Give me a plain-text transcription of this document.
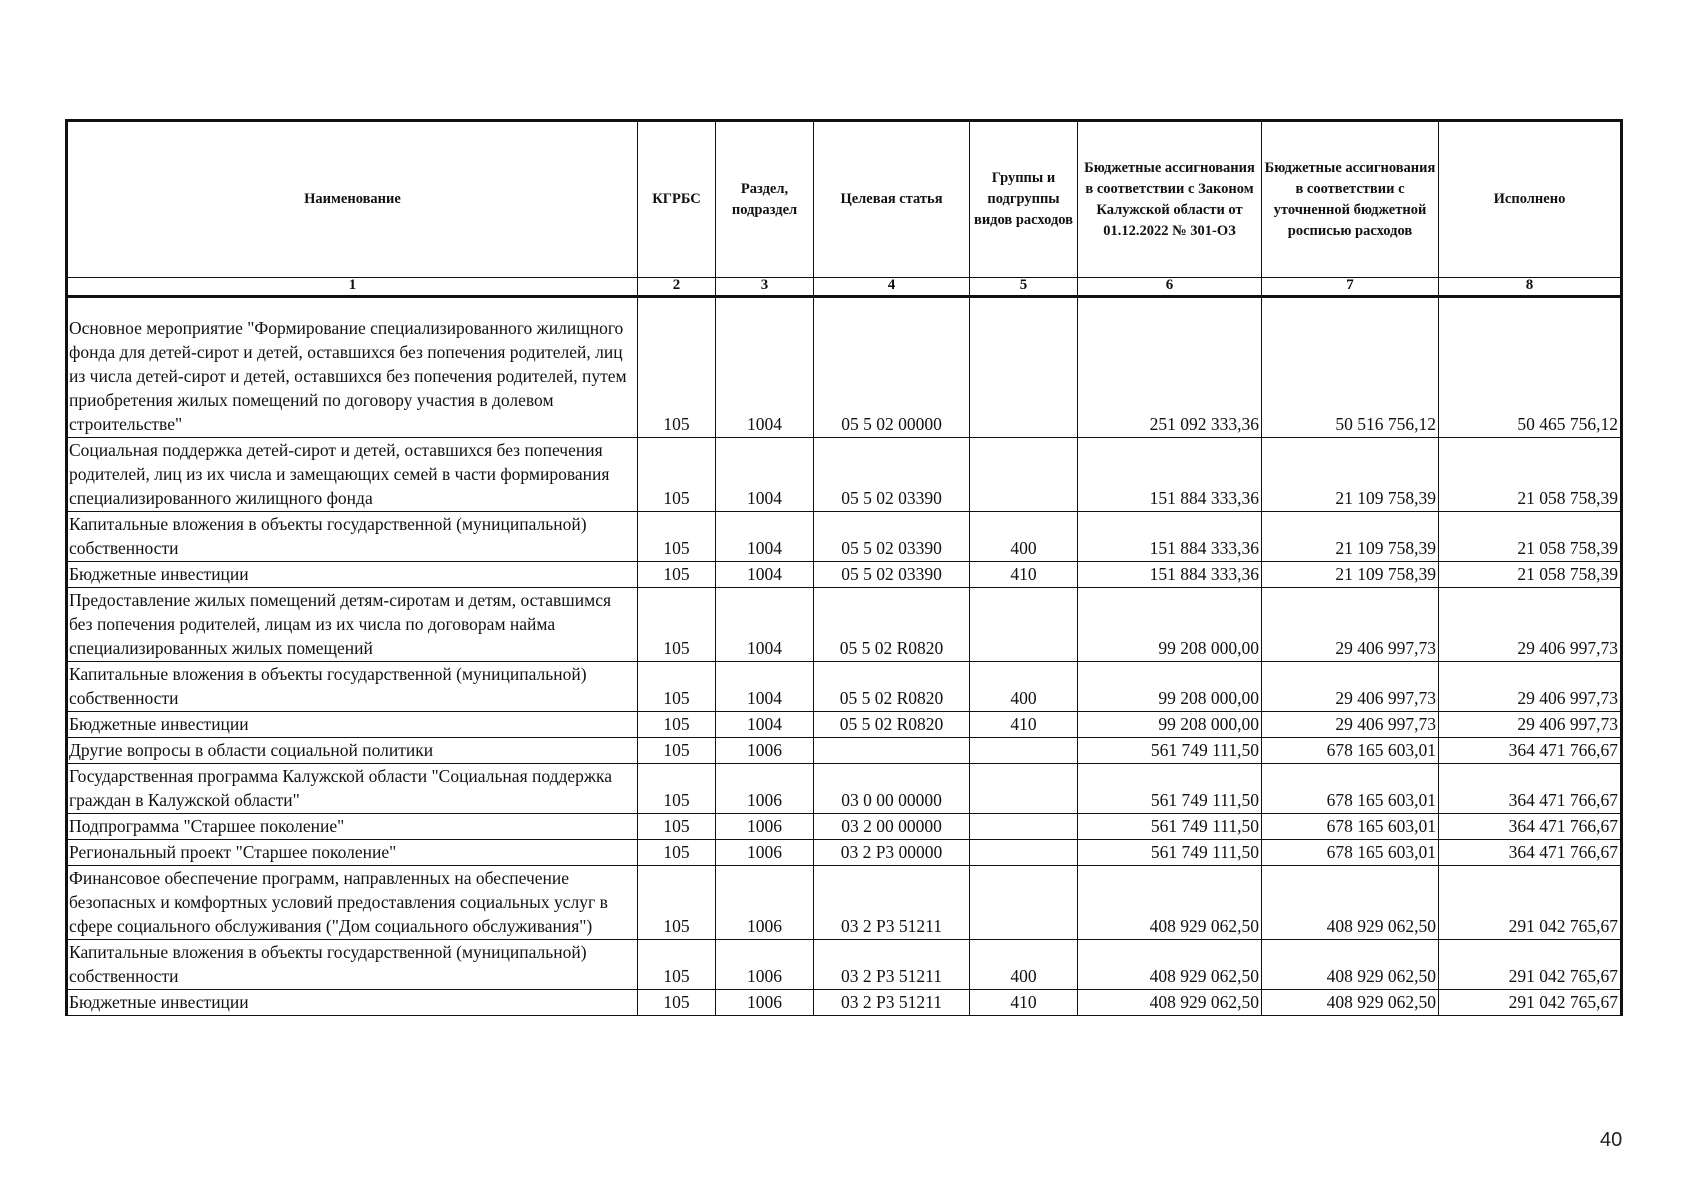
Наименование	КГРБС	Раздел, подраздел	Целевая статья	Группы и подгруппы видов расходов	Бюджетные ассигнования в соответствии с Законом Калужской области от 01.12.2022 № 301-ОЗ	Бюджетные ассигнования в соответствии с уточненной бюджетной росписью расходов	Исполнено
1	2	3	4	5	6	7	8
Основное мероприятие "Формирование специализированного жилищного фонда для детей-сирот и детей, оставшихся без попечения родителей, лиц из числа детей-сирот и детей, оставшихся без попечения родителей, путем приобретения жилых помещений по договору участия в долевом строительстве"	105	1004	05 5 02 00000		251 092 333,36	50 516 756,12	50 465 756,12
Социальная поддержка детей-сирот и детей, оставшихся без попечения родителей, лиц из их числа и замещающих семей в части формирования специализированного жилищного фонда	105	1004	05 5 02 03390		151 884 333,36	21 109 758,39	21 058 758,39
Капитальные вложения в объекты государственной (муниципальной) собственности	105	1004	05 5 02 03390	400	151 884 333,36	21 109 758,39	21 058 758,39
Бюджетные инвестиции	105	1004	05 5 02 03390	410	151 884 333,36	21 109 758,39	21 058 758,39
Предоставление жилых помещений детям-сиротам и детям, оставшимся без попечения родителей, лицам из их числа по договорам найма специализированных жилых помещений	105	1004	05 5 02 R0820		99 208 000,00	29 406 997,73	29 406 997,73
Капитальные вложения в объекты государственной (муниципальной) собственности	105	1004	05 5 02 R0820	400	99 208 000,00	29 406 997,73	29 406 997,73
Бюджетные инвестиции	105	1004	05 5 02 R0820	410	99 208 000,00	29 406 997,73	29 406 997,73
Другие вопросы в области социальной политики	105	1006			561 749 111,50	678 165 603,01	364 471 766,67
Государственная программа Калужской области "Социальная поддержка граждан в Калужской области"	105	1006	03 0 00 00000		561 749 111,50	678 165 603,01	364 471 766,67
Подпрограмма "Старшее поколение"	105	1006	03 2 00 00000		561 749 111,50	678 165 603,01	364 471 766,67
Региональный проект "Старшее поколение"	105	1006	03 2 P3 00000		561 749 111,50	678 165 603,01	364 471 766,67
Финансовое обеспечение программ, направленных на обеспечение безопасных и комфортных условий предоставления социальных услуг в сфере социального обслуживания ("Дом социального обслуживания")	105	1006	03 2 P3 51211		408 929 062,50	408 929 062,50	291 042 765,67
Капитальные вложения в объекты государственной (муниципальной) собственности	105	1006	03 2 P3 51211	400	408 929 062,50	408 929 062,50	291 042 765,67
Бюджетные инвестиции	105	1006	03 2 P3 51211	410	408 929 062,50	408 929 062,50	291 042 765,67
40
